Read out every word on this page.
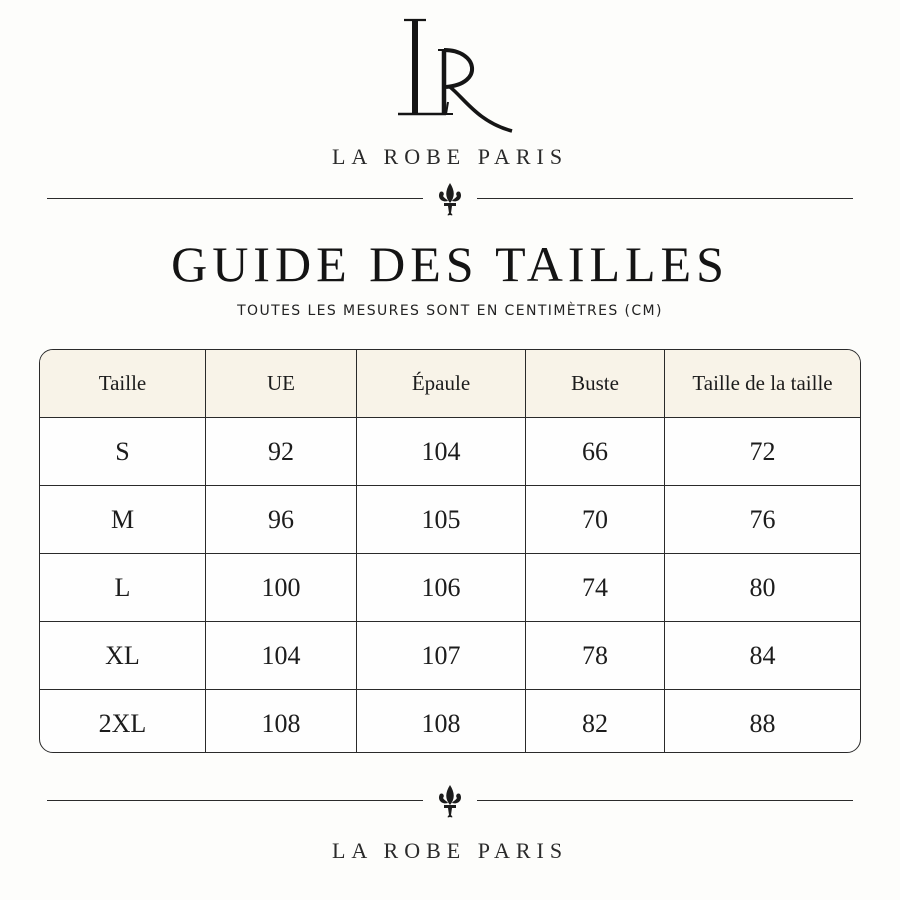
LA ROBE PARIS
GUIDE DES TAILLES
TOUTES LES MESURES SONT EN CENTIMÈTRES (CM)
Taille	UE	Épaule	Buste	Taille de la taille
S	92	104	66	72
M	96	105	70	76
L	100	106	74	80
XL	104	107	78	84
2XL	108	108	82	88
LA ROBE PARIS
